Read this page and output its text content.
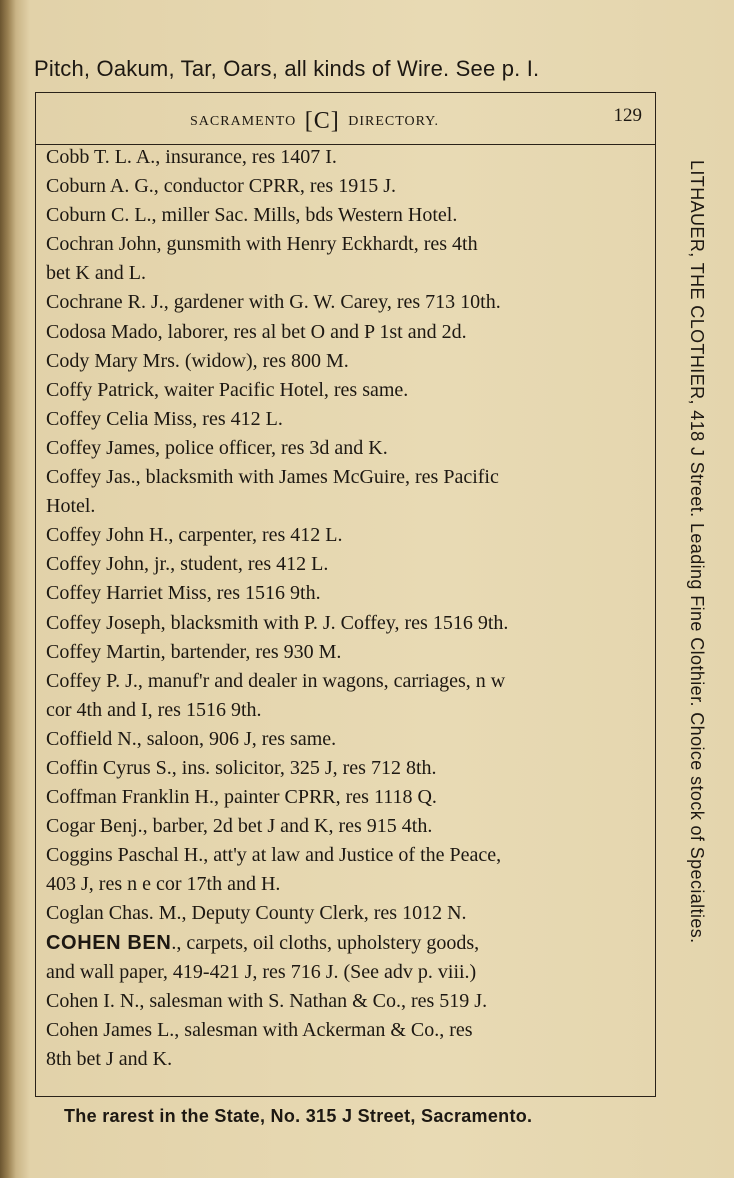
Pitch, Oakum, Tar, Oars, all kinds of Wire. See p. I.
SACRAMENTO [C] DIRECTORY.	129
Cobb T. L. A., insurance, res 1407 I.
Coburn A. G., conductor CPRR, res 1915 J.
Coburn C. L., miller Sac. Mills, bds Western Hotel.
Cochran John, gunsmith with Henry Eckhardt, res 4th
bet K and L.
Cochrane R. J., gardener with G. W. Carey, res 713 10th.
Codosa Mado, laborer, res al bet O and P 1st and 2d.
Cody Mary Mrs. (widow), res 800 M.
Coffy Patrick, waiter Pacific Hotel, res same.
Coffey Celia Miss, res 412 L.
Coffey James, police officer, res 3d and K.
Coffey Jas., blacksmith with James McGuire, res Pacific
Hotel.
Coffey John H., carpenter, res 412 L.
Coffey John, jr., student, res 412 L.
Coffey Harriet Miss, res 1516 9th.
Coffey Joseph, blacksmith with P. J. Coffey, res 1516 9th.
Coffey Martin, bartender, res 930 M.
Coffey P. J., manuf'r and dealer in wagons, carriages, n w
cor 4th and I, res 1516 9th.
Coffield N., saloon, 906 J, res same.
Coffin Cyrus S., ins. solicitor, 325 J, res 712 8th.
Coffman Franklin H., painter CPRR, res 1118 Q.
Cogar Benj., barber, 2d bet J and K, res 915 4th.
Coggins Paschal H., att'y at law and Justice of the Peace,
403 J, res n e cor 17th and H.
Coglan Chas. M., Deputy County Clerk, res 1012 N.
COHEN BEN., carpets, oil cloths, upholstery goods,
and wall paper, 419-421 J, res 716 J. (See adv p. viii.)
Cohen I. N., salesman with S. Nathan & Co., res 519 J.
Cohen James L., salesman with Ackerman & Co., res
8th bet J and K.
LITHAUER, THE CLOTHIER, 418 J Street. Leading Fine Clothier. Choice stock of Specialties.
The rarest in the State, No. 315 J Street, Sacramento.
